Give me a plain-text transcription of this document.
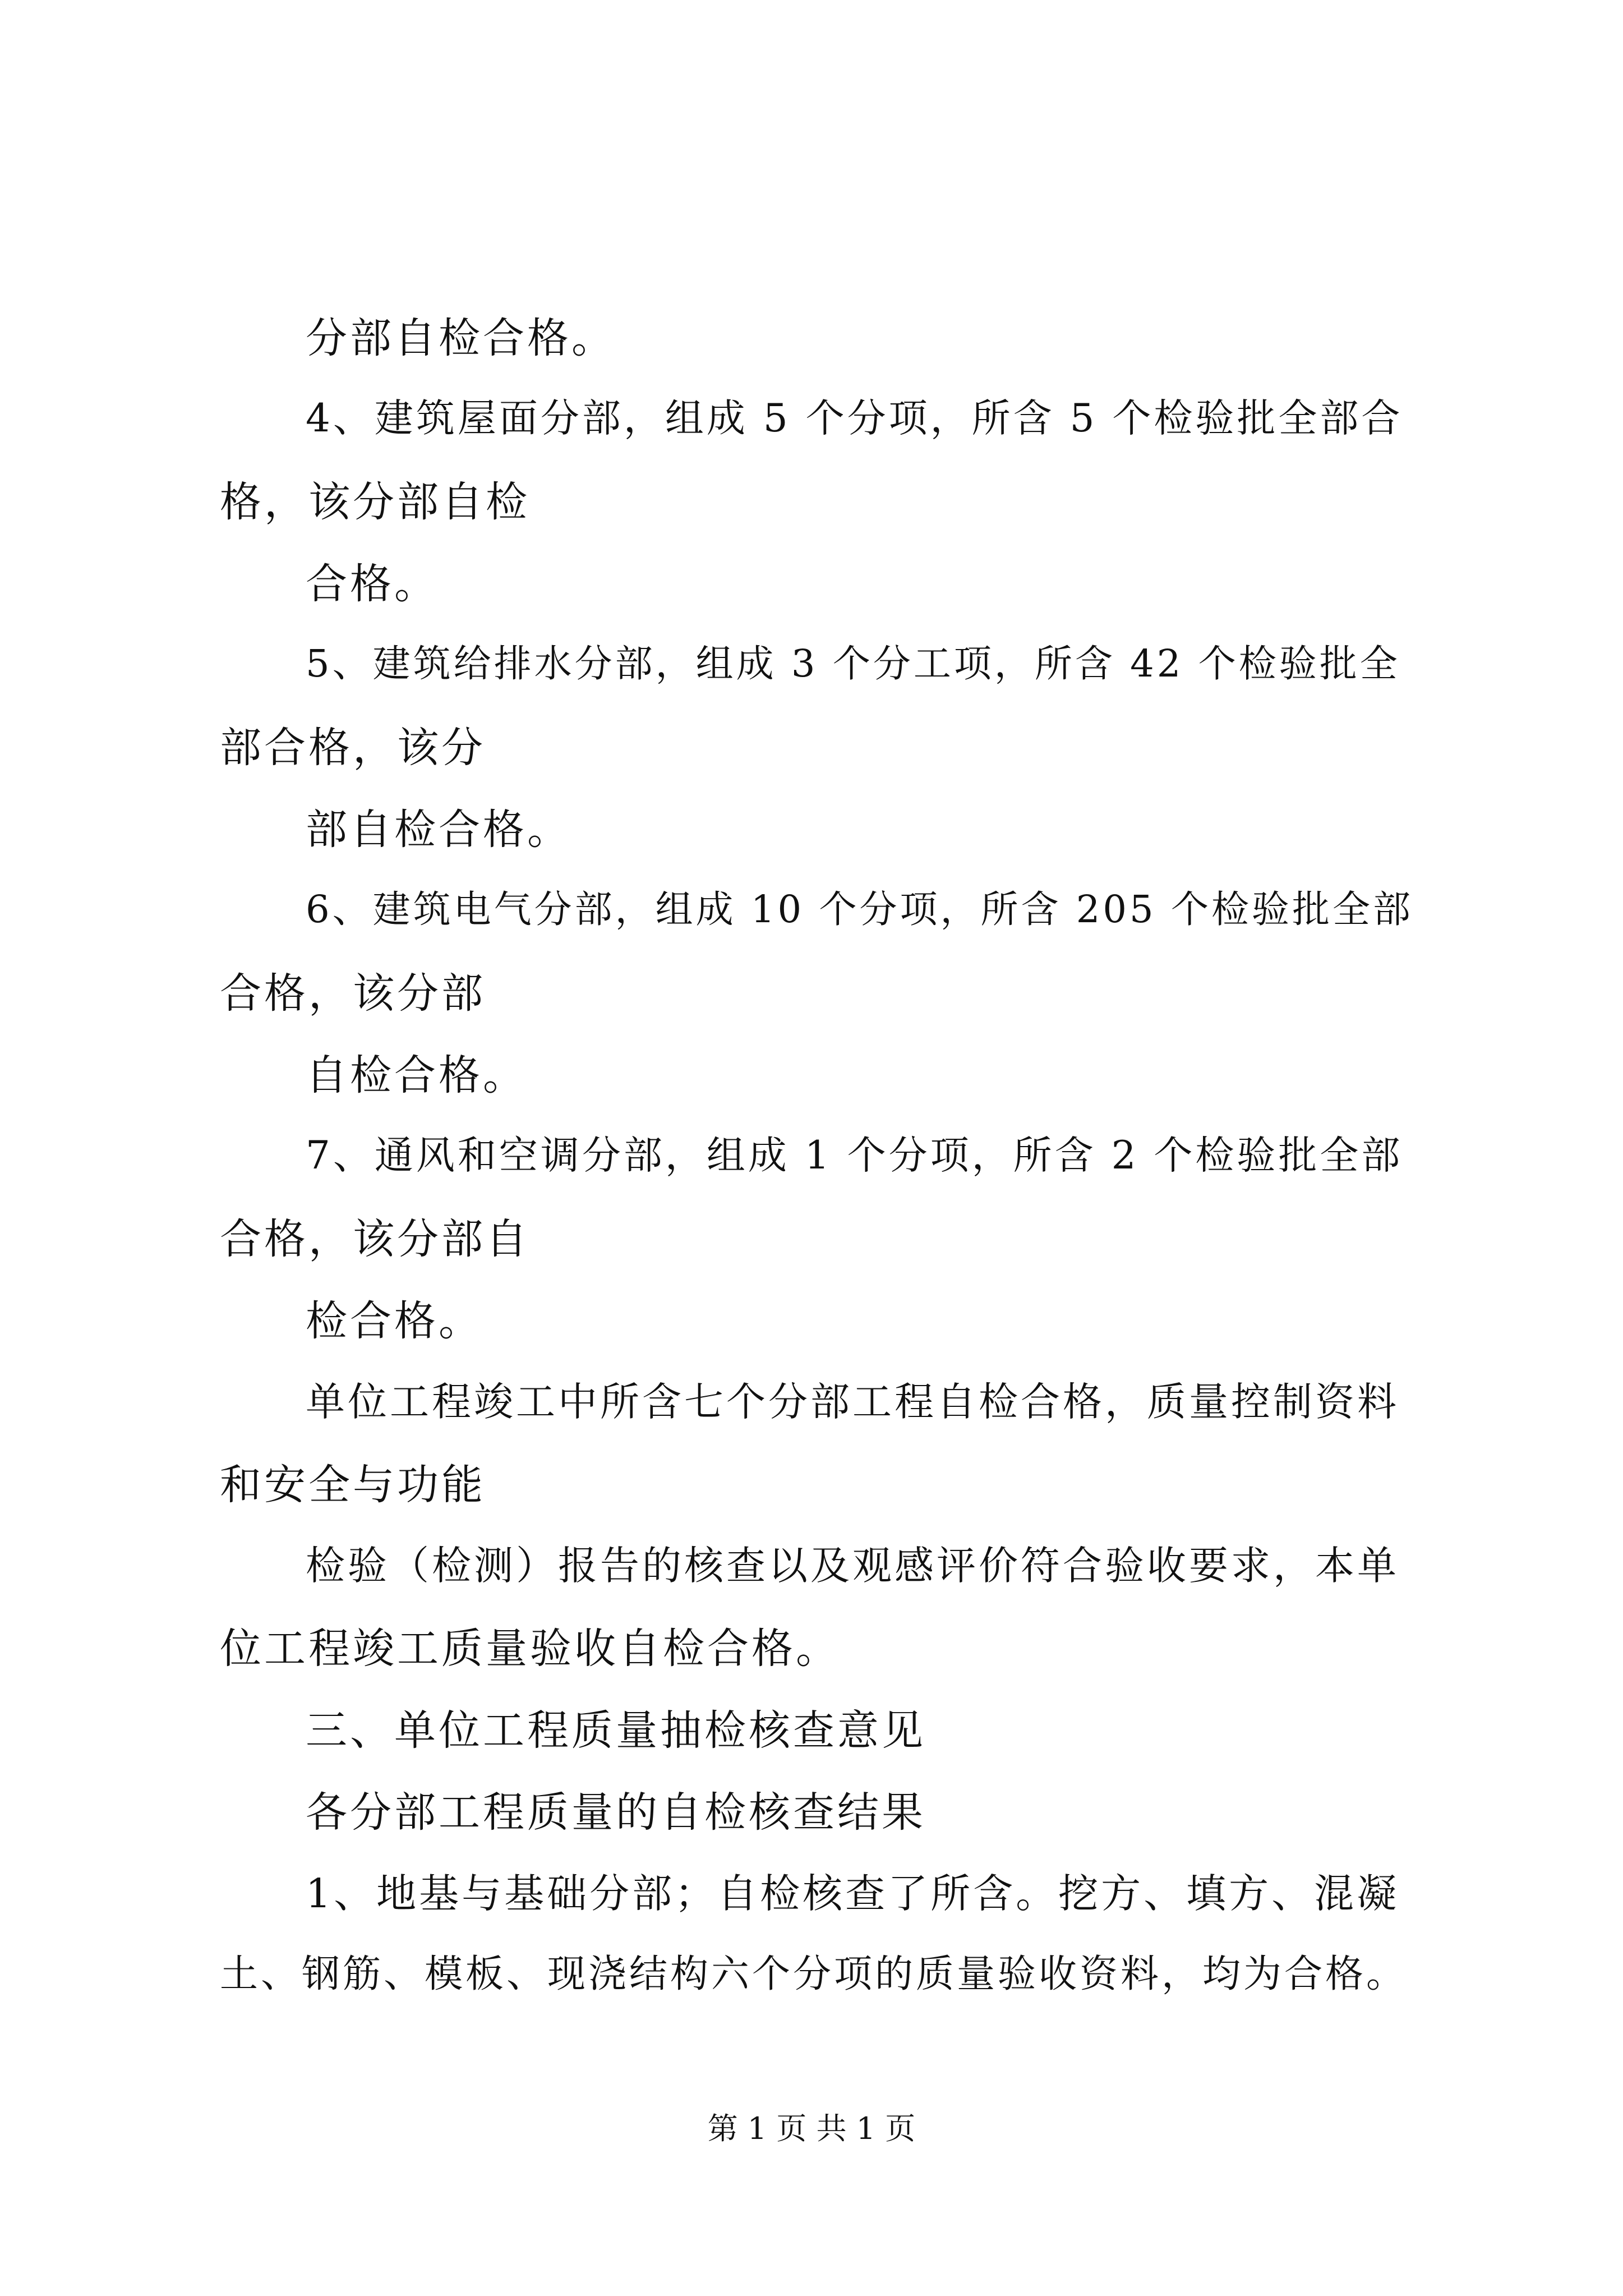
分部自检合格。

4、建筑屋面分部，组成 5 个分项，所含 5 个检验批全部合

格，该分部自检

合格。

5、建筑给排水分部，组成 3 个分工项，所含 42 个检验批全

部合格，该分

部自检合格。

6、建筑电气分部，组成 10 个分项，所含 205 个检验批全部

合格，该分部

自检合格。

7、通风和空调分部，组成 1 个分项，所含 2 个检验批全部

合格，该分部自

检合格。

单位工程竣工中所含七个分部工程自检合格，质量控制资料

和安全与功能

检验（检测）报告的核查以及观感评价符合验收要求，本单

位工程竣工质量验收自检合格。

三、单位工程质量抽检核查意见

各分部工程质量的自检核查结果

1、地基与基础分部；自检核查了所含。挖方、填方、混凝

土、钢筋、模板、现浇结构六个分项的质量验收资料，均为合格。

第 1 页 共 1 页
